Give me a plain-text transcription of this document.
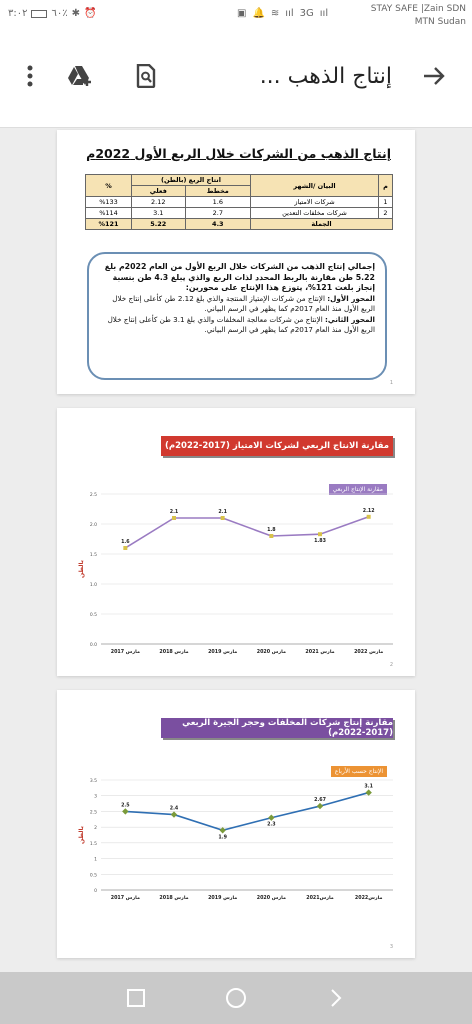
٣:٠٢ ٦٠٪ ✱ ⏰	▣ 🔔 ≋ ııl 3G ııl	STAY SAFE |Zain SDN
MTN Sudan
إنتاج الذهب ...
إنتاج الذهب من الشركات خلال الربع الأول 2022م
م	البيان /الشهر	انتاج الربع (بالطن)		%
		مخطط	فعلي	
1	شركات الامتياز	1.6	2.12	%133
2	شركات مخلفات التعدين	2.7	3.1	%114
الجملة		4.3	5.22	%121
إجمالي إنتاج الذهب من الشركات خلال الربع الأول من العام 2022م بلغ 5.22 طن مقارنة بالربط المحدد لذات الربع والذي يبلغ 4.3 طن بنسبة إنجاز بلغت 121%، يتوزع هذا الإنتاج على محورين:
المحور الأول: الإنتاج من شركات الإمتياز المنتجة والذي بلغ 2.12 طن كأعلى إنتاج خلال الربع الأول منذ العام 2017م كما يظهر في الرسم البياني.
المحور الثاني: الإنتاج من شركات معالجة المخلفات والذي بلغ 3.1 طن كأعلى إنتاج خلال الربع الأول منذ العام 2017م كما يظهر في الرسم البياني.
1
مقارنة الانتاج الربعي لشركات الامتياز (2017-2022م)
مقارنة الإنتاج الربعي
0.0
0.5
1.0
1.5
2.0
2.5
بالطن
مارس 2017	مارس 2018	مارس 2019	مارس 2020	مارس 2021	مارس 2022
1.6
2.1	2.1
1.8
1.83
2.12
2
مقارنة إنتاج شركات المخلفات وحجر الجيرة الربعي (2017-2022م)
الإنتاج حسب الأرباع
0
0.5
1
1.5
2
2.5
3
3.5
بالطن
مارس 2017	مارس 2018	مارس 2019	مارس 2020	مارس2021	مارس2022
2.5
2.4
1.9
2.3
2.67
3.1
3
